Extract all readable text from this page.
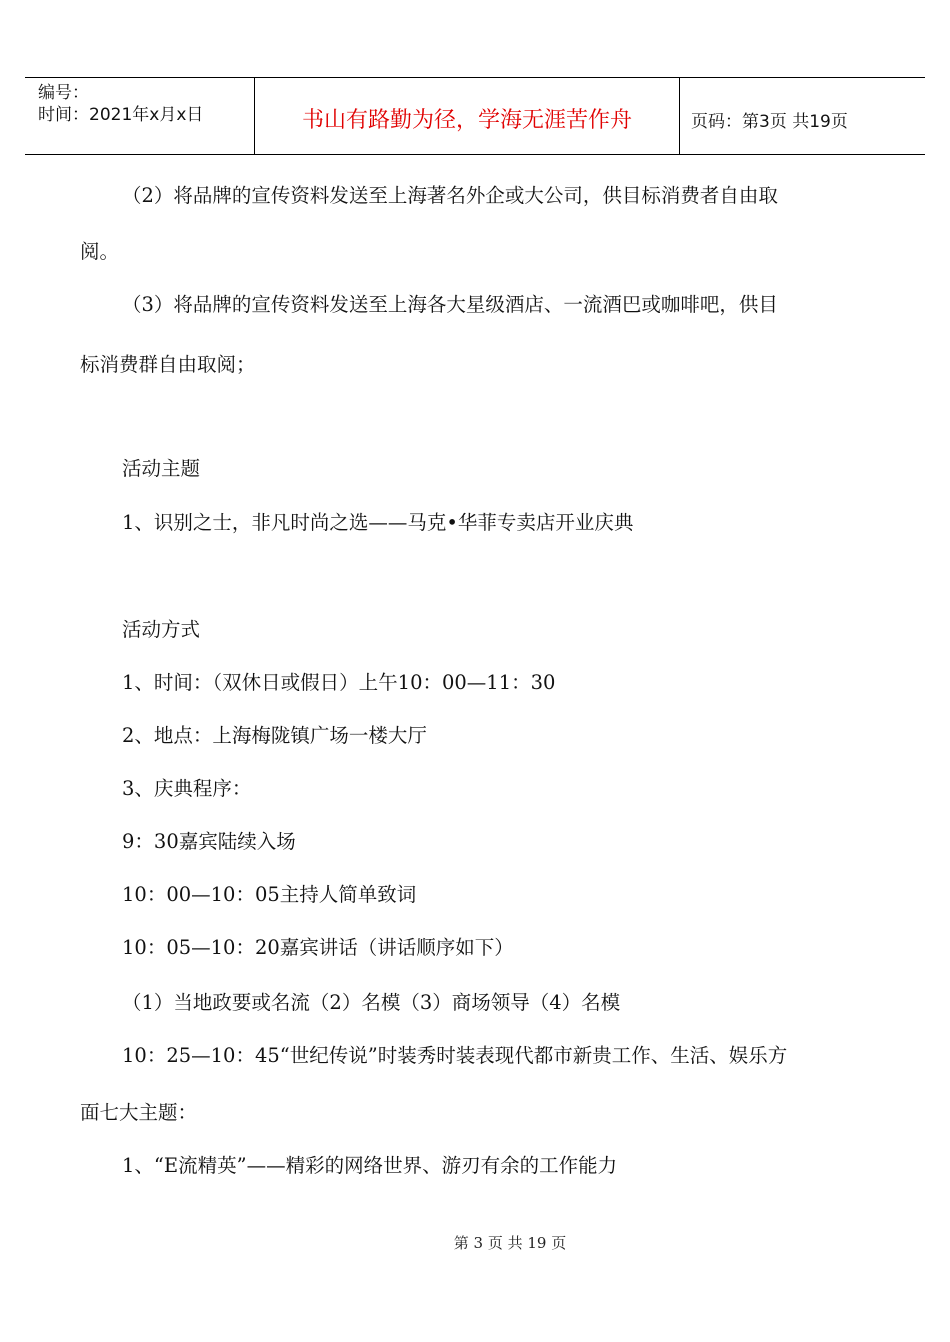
编号：
时间：2021年x月x日	书山有路勤为径，学海无涯苦作舟	页码：第3页 共19页
（2）将品牌的宣传资料发送至上海著名外企或大公司，供目标消费者自由取
阅。
（3）将品牌的宣传资料发送至上海各大星级酒店、一流酒巴或咖啡吧，供目
标消费群自由取阅；
活动主题
1、识别之士，非凡时尚之选——马克•华菲专卖店开业庆典
活动方式
1、时间：（双休日或假日）上午10：00—11：30
2、地点：上海梅陇镇广场一楼大厅
3、庆典程序：
9：30嘉宾陆续入场
10：00—10：05主持人简单致词
10：05—10：20嘉宾讲话（讲话顺序如下）
（1）当地政要或名流（2）名模（3）商场领导（4）名模
10：25—10：45“世纪传说”时装秀时装表现代都市新贵工作、生活、娱乐方
面七大主题：
1、“E流精英”——精彩的网络世界、游刃有余的工作能力
第 3 页 共 19 页
